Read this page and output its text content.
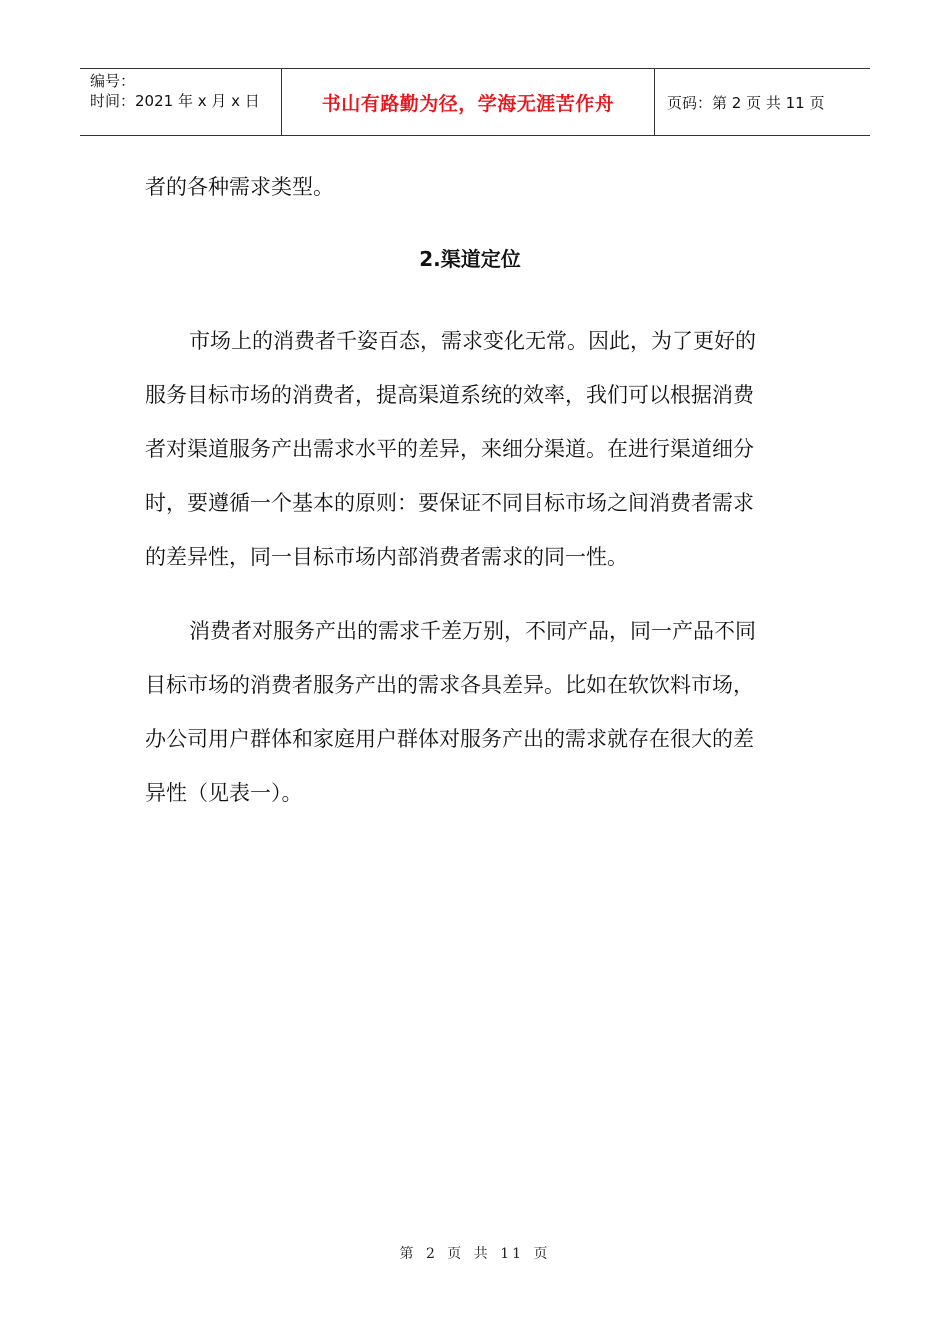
编号：
时间：2021 年 x 月 x 日	书山有路勤为径，学海无涯苦作舟	页码：第 2 页 共 11 页
者的各种需求类型。
2.渠道定位
市场上的消费者千姿百态，需求变化无常。因此，为了更好的
服务目标市场的消费者，提高渠道系统的效率，我们可以根据消费
者对渠道服务产出需求水平的差异，来细分渠道。在进行渠道细分
时，要遵循一个基本的原则：要保证不同目标市场之间消费者需求
的差异性，同一目标市场内部消费者需求的同一性。
消费者对服务产出的需求千差万别，不同产品，同一产品不同
目标市场的消费者服务产出的需求各具差异。比如在软饮料市场，
办公司用户群体和家庭用户群体对服务产出的需求就存在很大的差
异性（见表一）。
第 2 页 共 11 页
